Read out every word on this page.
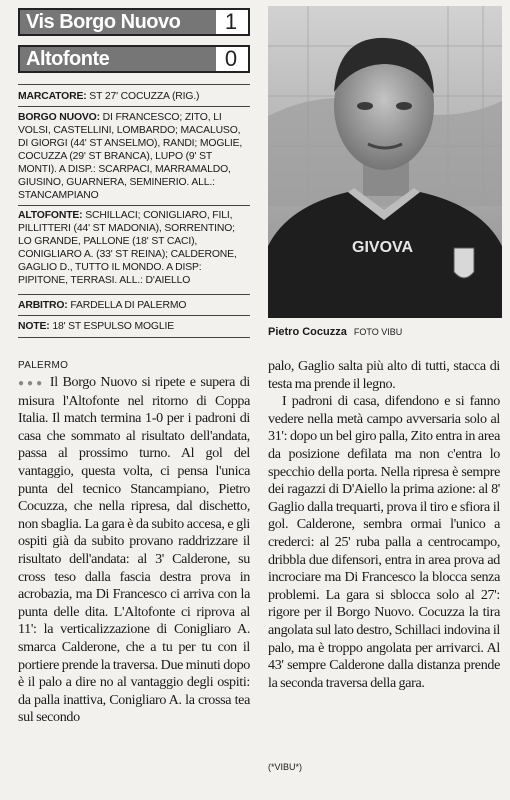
Vis Borgo Nuovo	1
Altofonte	0
MARCATORE: ST 27' COCUZZA (RIG.)
BORGO NUOVO: DI FRANCESCO; ZITO, LI VOLSI, CASTELLINI, LOMBARDO; MACALUSO, DI GIORGI (44' ST ANSELMO), RANDI; MOGLIE, COCUZZA (29' ST BRANCA), LUPO (9' ST MONTI). A DISP.: SCARPACI, MARRAMALDO, GIUSINO, GUARNERA, SEMINERIO. ALL.: STANCAMPIANO
ALTOFONTE: SCHILLACI; CONIGLIARO, FILI, PILLITTERI (44' ST MADONIA), SORRENTINO; LO GRANDE, PALLONE (18' ST CACI), CONIGLIARO A. (33' ST REINA); CALDERONE, GAGLIO D., TUTTO IL MONDO. A DISP: PIPITONE, TERRASI. ALL.: D'AIELLO
ARBITRO: FARDELLA DI PALERMO
NOTE: 18' ST ESPULSO MOGLIE
GIVOVA
Pietro Cocuzza FOTO VIBU
PALERMO

●●● Il Borgo Nuovo si ripete e supera di misura l'Altofonte nel ritorno di Coppa Italia. Il match termina 1-0 per i padroni di casa che sommato al risultato dell'andata, passa al prossimo turno. Al gol del vantaggio, questa volta, ci pensa l'unica punta del tecnico Stancampiano, Pietro Cocuzza, che nella ripresa, dal dischetto, non sbaglia. La gara è da subito accesa, e gli ospiti già da subito provano raddrizzare il risultato dell'andata: al 3' Calderone, su cross teso dalla fascia destra prova in acrobazia, ma Di Francesco ci arriva con la punta delle dita. L'Altofonte ci riprova al 11': la verticalizzazione di Conigliaro A. smarca Calderone, che a tu per tu con il portiere prende la traversa. Due minuti dopo è il palo a dire no al vantaggio degli ospiti: da palla inattiva, Conigliaro A. la crossa tea sul secondo

palo, Gaglio salta più alto di tutti, stacca di testa ma prende il legno.

I padroni di casa, difendono e si fanno vedere nella metà campo avversaria solo al 31': dopo un bel giro palla, Zito entra in area da posizione defilata ma non c'entra lo specchio della porta. Nella ripresa è sempre dei ragazzi di D'Aiello la prima azione: al 8' Gaglio dalla trequarti, prova il tiro e sfiora il gol. Calderone, sembra ormai l'unico a crederci: al 25' ruba palla a centrocampo, dribbla due difensori, entra in area prova ad incrociare ma Di Francesco la blocca senza problemi. La gara si sblocca solo al 27': rigore per il Borgo Nuovo. Cocuzza la tira angolata sul lato destro, Schillaci indovina il palo, ma è troppo angolata per arrivarci. Al 43' sempre Calderone dalla distanza prende la seconda traversa della gara.

(*VIBU*)
